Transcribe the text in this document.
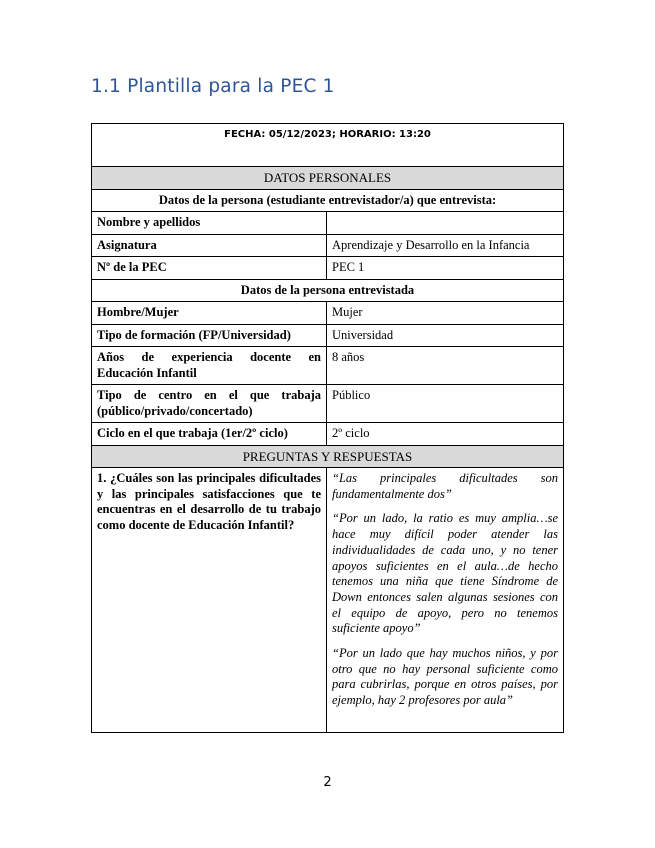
1.1 Plantilla para la PEC 1
FECHA: 05/12/2023; HORARIO: 13:20	
DATOS PERSONALES	
Datos de la persona (estudiante entrevistador/a) que entrevista:	
Nombre y apellidos	
Asignatura	Aprendizaje y Desarrollo en la Infancia
Nº de la PEC	PEC 1
Datos de la persona entrevistada	
Hombre/Mujer	Mujer
Tipo de formación (FP/Universidad)	Universidad
Años de experiencia docente en Educación Infantil	8 años
Tipo de centro en el que trabaja (público/privado/concertado)	Público
Ciclo en el que trabaja (1er/2º ciclo)	2º ciclo
PREGUNTAS Y RESPUESTAS	
1. ¿Cuáles son las principales dificultades y las principales satisfacciones que te encuentras en el desarrollo de tu trabajo como docente de Educación Infantil?	“Las principales dificultades son fundamentalmente dos”

“Por un lado, la ratio es muy amplia…se hace muy difícil poder atender las individualidades de cada uno, y no tener apoyos suficientes en el aula…de hecho tenemos una niña que tiene Síndrome de Down entonces salen algunas sesiones con el equipo de apoyo, pero no tenemos suficiente apoyo”

“Por un lado que hay muchos niños, y por otro que no hay personal suficiente como para cubrirlas, porque en otros países, por ejemplo, hay 2 profesores por aula”

2
